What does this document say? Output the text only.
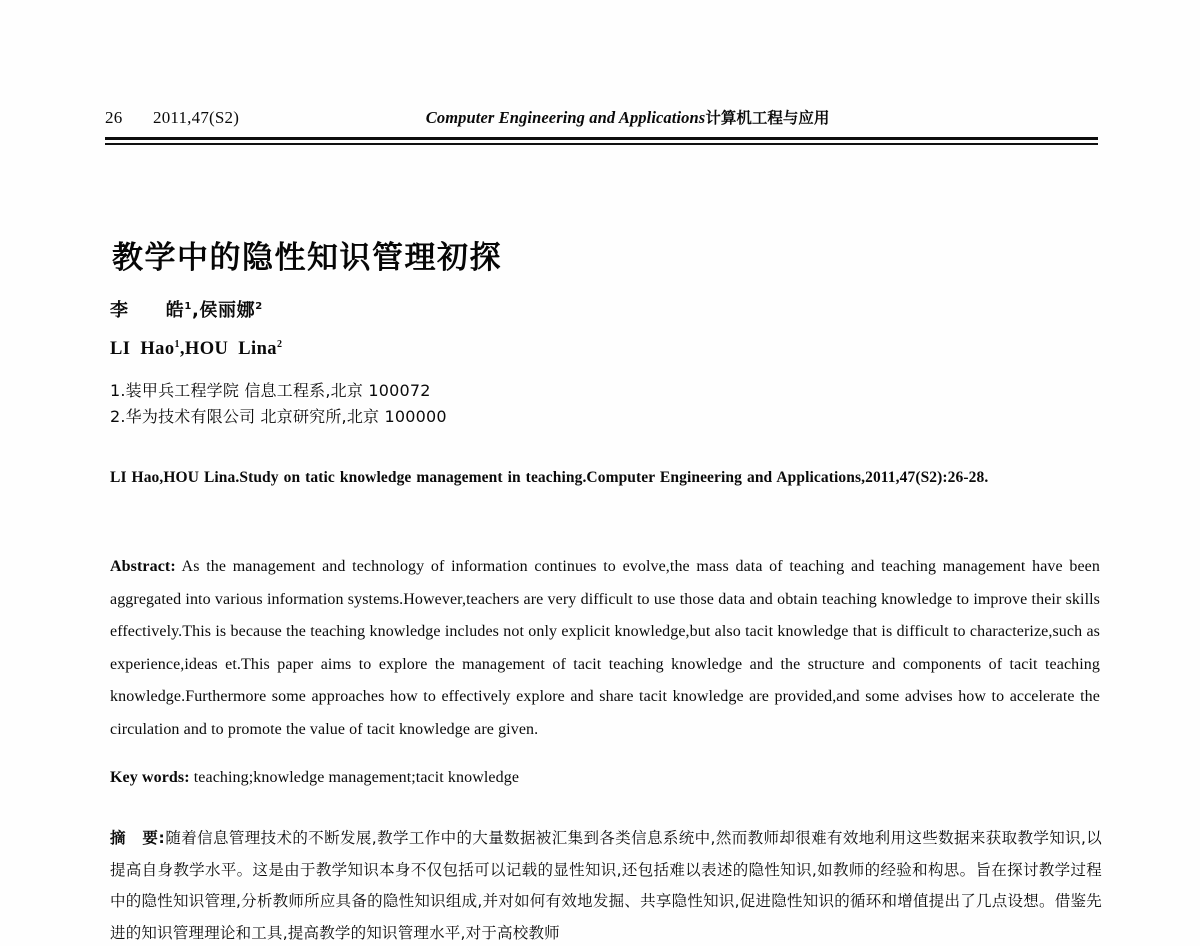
26	2011,47(S2)	Computer Engineering and Applications计算机工程与应用
教学中的隐性知识管理初探
李　　皓$^1$,侯丽娜$^2$
LI  Hao$^1$,HOU  Lina$^2$
1.装甲兵工程学院 信息工程系,北京 100072
2.华为技术有限公司 北京研究所,北京 100000
LI Hao,HOU Lina.Study on tatic knowledge management in teaching.Computer Engineering and Applications,2011,47(S2):26-28.
Abstract: As the management and technology of information continues to evolve,the mass data of teaching and teaching management have been aggregated into various information systems.However,teachers are very difficult to use those data and obtain teaching knowledge to improve their skills effectively.This is because the teaching knowledge includes not only explicit knowledge,but also tacit knowledge that is difficult to characterize,such as experience,ideas et.This paper aims to explore the management of tacit teaching knowledge and the structure and components of tacit teaching knowledge.Furthermore some approaches how to effectively explore and share tacit knowledge are provided,and some advises how to accelerate the circulation and to promote the value of tacit knowledge are given.
Key words: teaching;knowledge management;tacit knowledge
摘　要:随着信息管理技术的不断发展,教学工作中的大量数据被汇集到各类信息系统中,然而教师却很难有效地利用这些数据来获取教学知识,以提高自身教学水平。这是由于教学知识本身不仅包括可以记载的显性知识,还包括难以表述的隐性知识,如教师的经验和构思。旨在探讨教学过程中的隐性知识管理,分析教师所应具备的隐性知识组成,并对如何有效地发掘、共享隐性知识,促进隐性知识的循环和增值提出了几点设想。借鉴先进的知识管理理论和工具,提高教学的知识管理水平,对于高校教师
